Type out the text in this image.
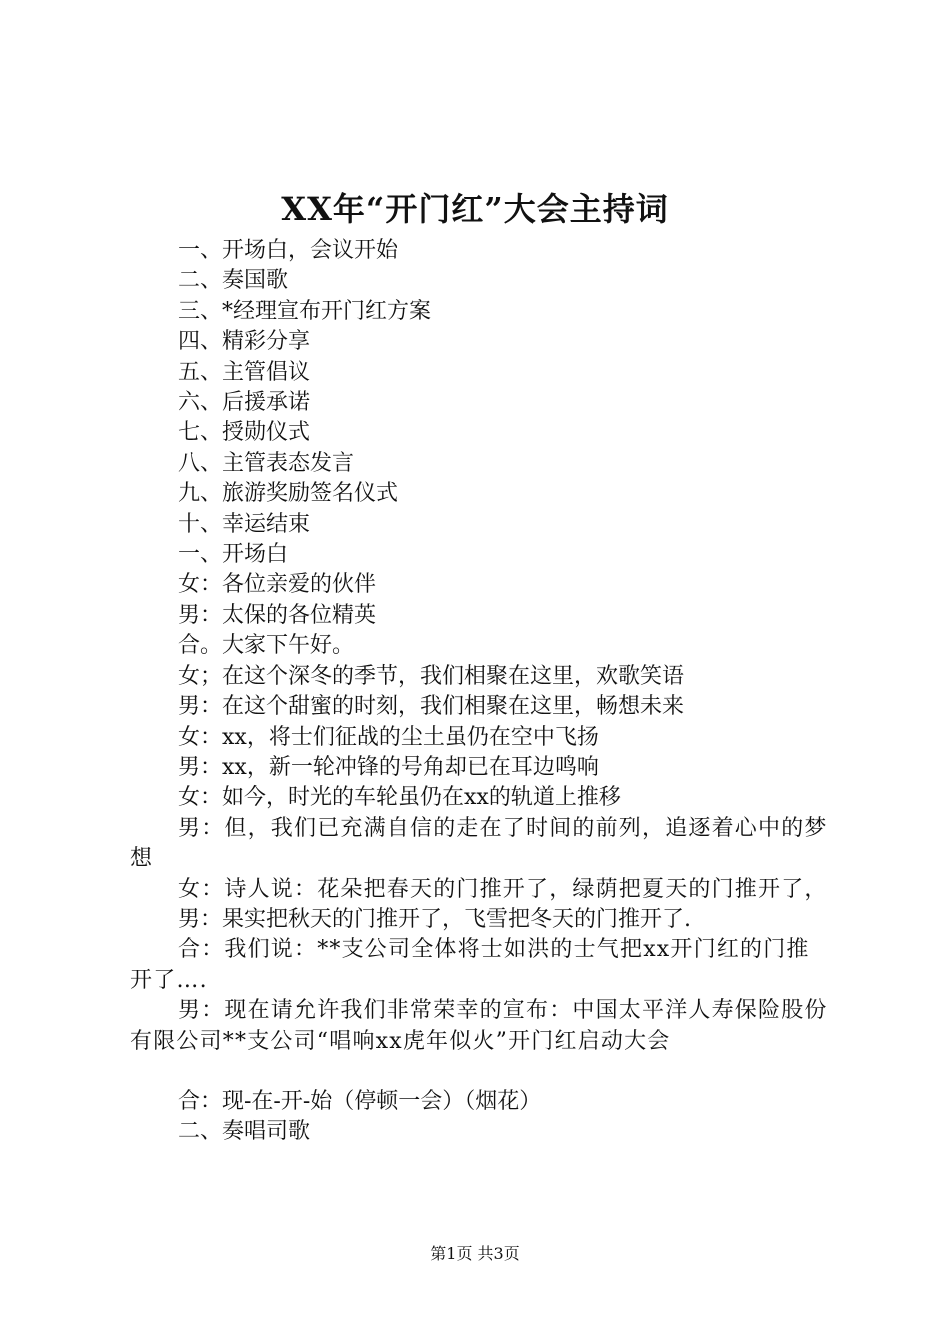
XX年“开门红”大会主持词

一、开场白，会议开始

二、奏国歌

三、*经理宣布开门红方案

四、精彩分享

五、主管倡议

六、后援承诺

七、授勋仪式

八、主管表态发言

九、旅游奖励签名仪式

十、幸运结束

一、开场白

女：各位亲爱的伙伴

男：太保的各位精英

合。大家下午好。

女；在这个深冬的季节，我们相聚在这里，欢歌笑语

男：在这个甜蜜的时刻，我们相聚在这里，畅想未来

女：xx，将士们征战的尘土虽仍在空中飞扬

男：xx，新一轮冲锋的号角却已在耳边鸣响

女：如今，时光的车轮虽仍在xx的轨道上推移

男：但，我们已充满自信的走在了时间的前列，追逐着心中的梦想

女：诗人说：花朵把春天的门推开了，绿荫把夏天的门推开了，

男：果实把秋天的门推开了，飞雪把冬天的门推开了.

合：我们说：**支公司全体将士如洪的士气把xx开门红的门推开了….

男：现在请允许我们非常荣幸的宣布：中国太平洋人寿保险股份有限公司**支公司“唱响xx虎年似火”开门红启动大会

合：现-在-开-始（停顿一会）（烟花）

二、奏唱司歌

第1页 共3页
